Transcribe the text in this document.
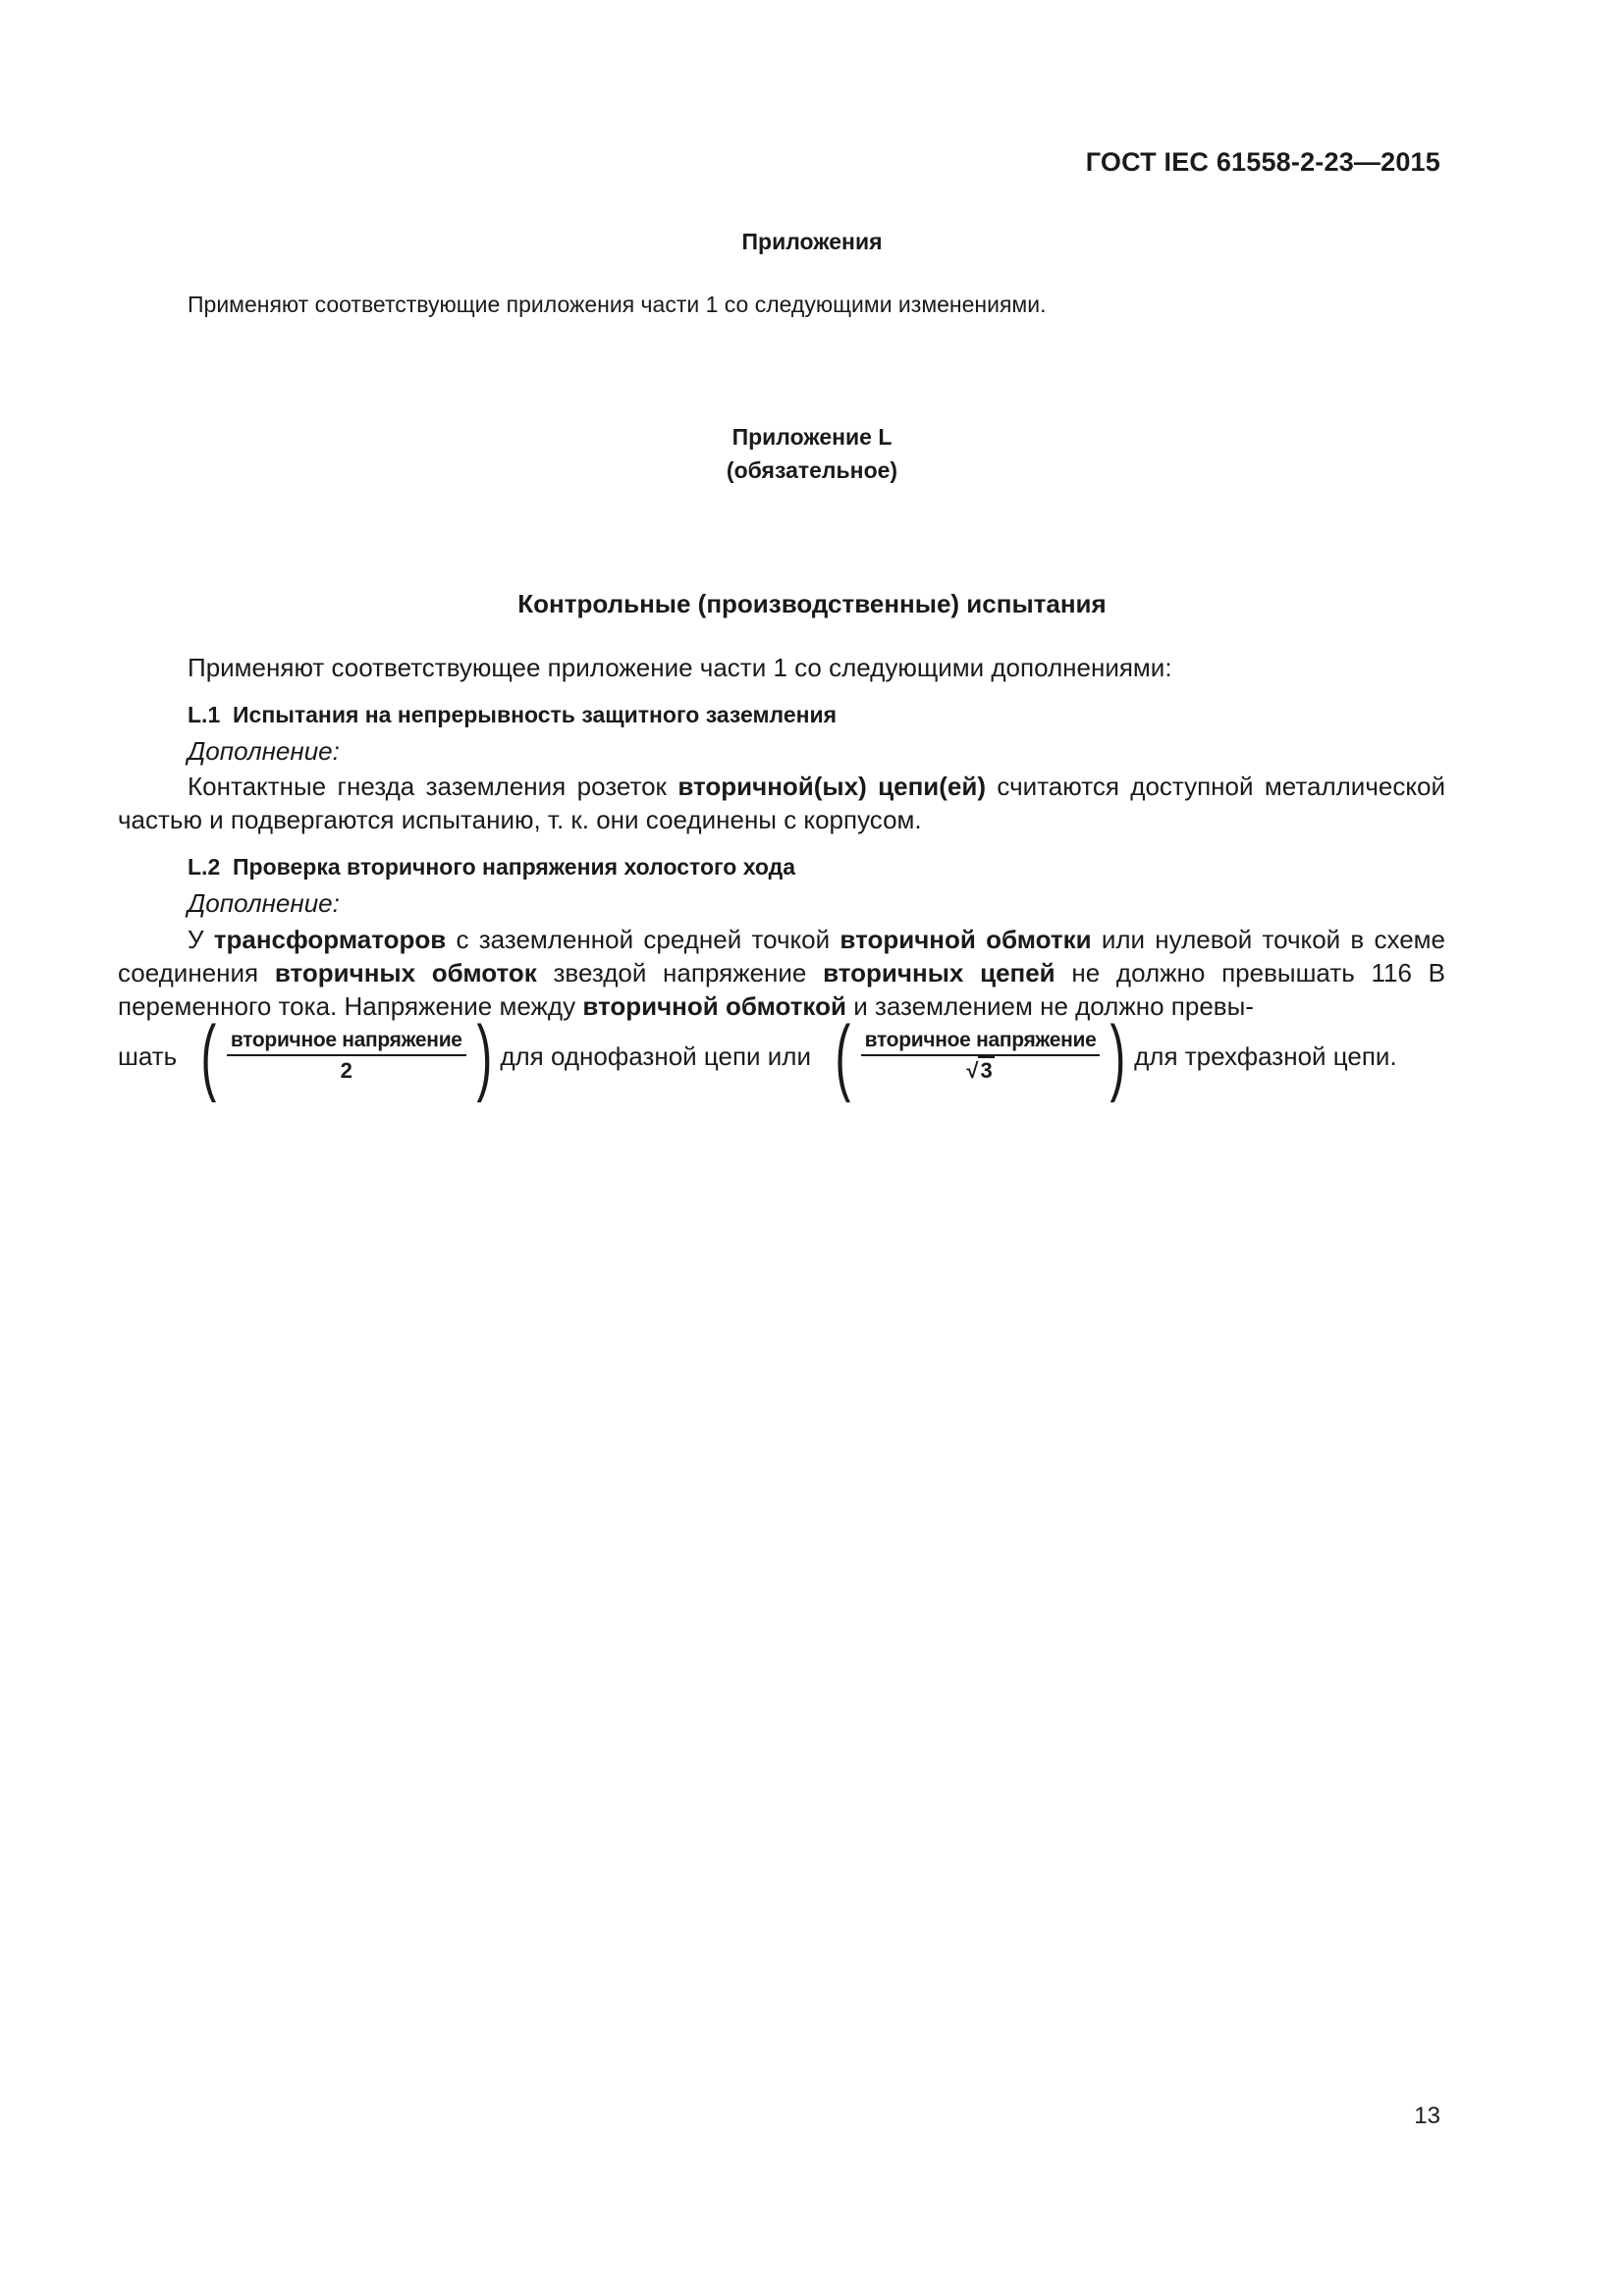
ГОСТ IEC 61558-2-23—2015
Приложения
Применяют соответствующие приложения части 1 со следующими изменениями.
Приложение L
(обязательное)
Контрольные (производственные) испытания
Применяют соответствующее приложение части 1 со следующими дополнениями:
L.1 Испытания на непрерывность защитного заземления
Дополнение:

Контактные гнезда заземления розеток вторичной(ых) цепи(ей) считаются доступной металлической частью и подвергаются испытанию, т. к. они соединены с корпусом.

L.2 Проверка вторичного напряжения холостого хода
Дополнение:

У трансформаторов с заземленной средней точкой вторичной обмотки или нулевой точкой в схеме соединения вторичных обмоток звездой напряжение вторичных цепей не должно превышать 116 В переменного тока. Напряжение между вторичной обмоткой и заземлением не должно превы-

шать ( $\frac{\text{вторичное напряжение}}{2}$ ) для однофазной цепи или ( $\frac{\text{вторичное напряжение}}{√3}$ ) для трехфазной цепи.
13
